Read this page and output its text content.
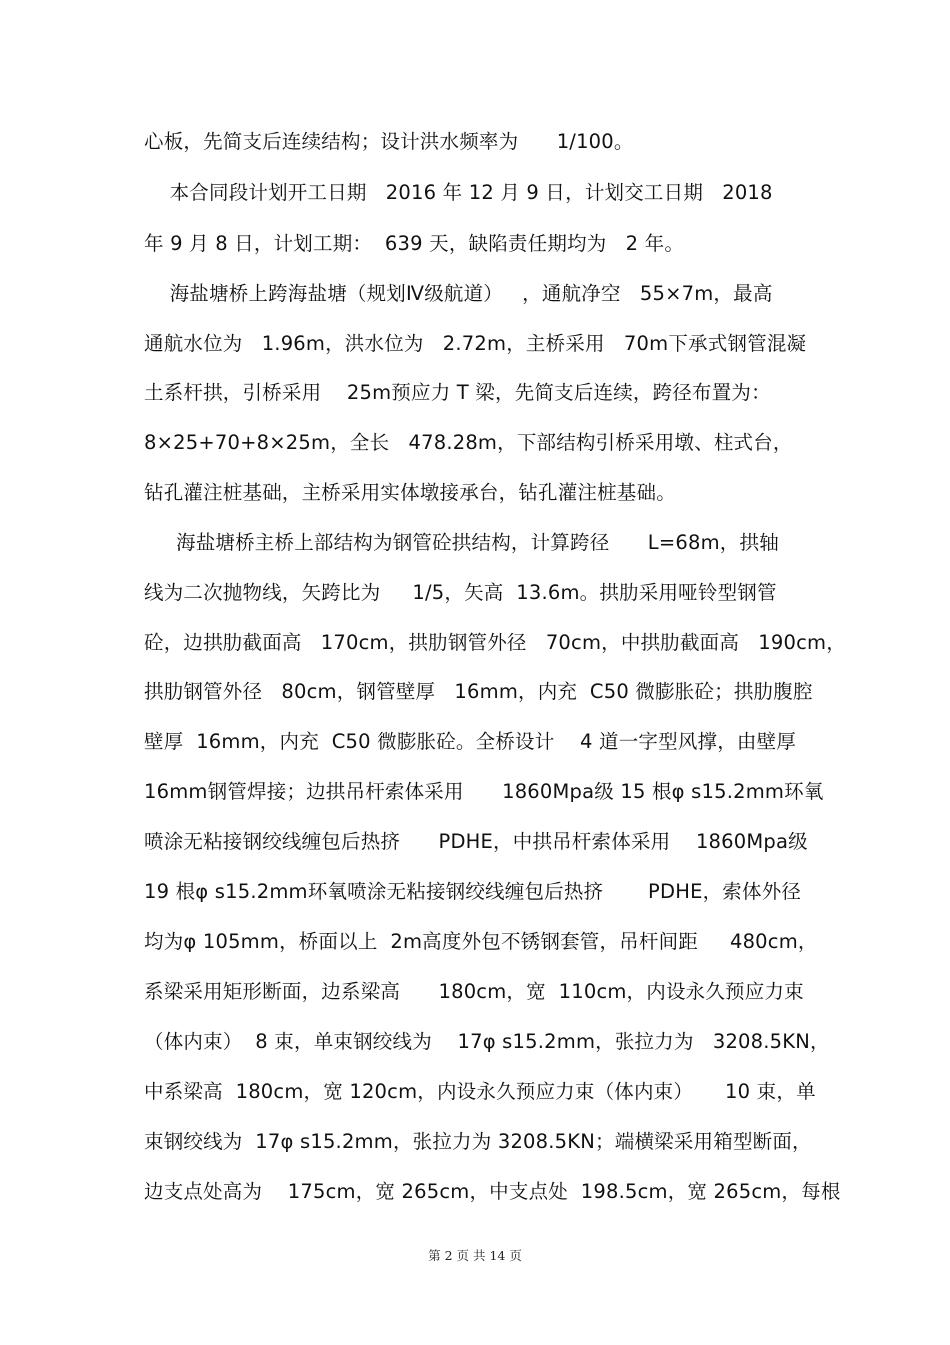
心板，先简支后连续结构；设计洪水频率为      1/100。
本合同段计划开工日期   2016 年 12 月 9 日，计划交工日期   2018
年 9 月 8 日，计划工期：  639 天，缺陷责任期均为   2 年。
海盐塘桥上跨海盐塘（规划Ⅳ级航道）   ，通航净空   55×7m，最高
通航水位为   1.96m，洪水位为   2.72m，主桥采用   70m下承式钢管混凝
土系杆拱，引桥采用    25m预应力 T 梁，先简支后连续，跨径布置为：
8×25+70+8×25m，全长   478.28m，下部结构引桥采用墩、柱式台，
钻孔灌注桩基础，主桥采用实体墩接承台，钻孔灌注桩基础。
海盐塘桥主桥上部结构为钢管砼拱结构，计算跨径      L=68m，拱轴
线为二次抛物线，矢跨比为     1/5，矢高  13.6m。拱肋采用哑铃型钢管
砼，边拱肋截面高   170cm，拱肋钢管外径   70cm，中拱肋截面高   190cm，
拱肋钢管外径   80cm，钢管壁厚   16mm，内充  C50 微膨胀砼；拱肋腹腔
壁厚  16mm，内充  C50 微膨胀砼。全桥设计    4 道一字型风撑，由壁厚
16mm钢管焊接；边拱吊杆索体采用      1860Mpa级 15 根φ s15.2mm环氧
喷涂无粘接钢绞线缠包后热挤      PDHE，中拱吊杆索体采用    1860Mpa级
19 根φ s15.2mm环氧喷涂无粘接钢绞线缠包后热挤       PDHE，索体外径
均为φ 105mm，桥面以上  2m高度外包不锈钢套管，吊杆间距     480cm，
系梁采用矩形断面，边系梁高      180cm，宽  110cm，内设永久预应力束
（体内束）  8 束，单束钢绞线为    17φ s15.2mm，张拉力为   3208.5KN，
中系梁高  180cm，宽 120cm，内设永久预应力束（体内束）     10 束，单
束钢绞线为  17φ s15.2mm，张拉力为 3208.5KN；端横梁采用箱型断面，
边支点处高为    175cm，宽 265cm，中支点处  198.5cm，宽 265cm，每根
第 2 页 共 14 页
